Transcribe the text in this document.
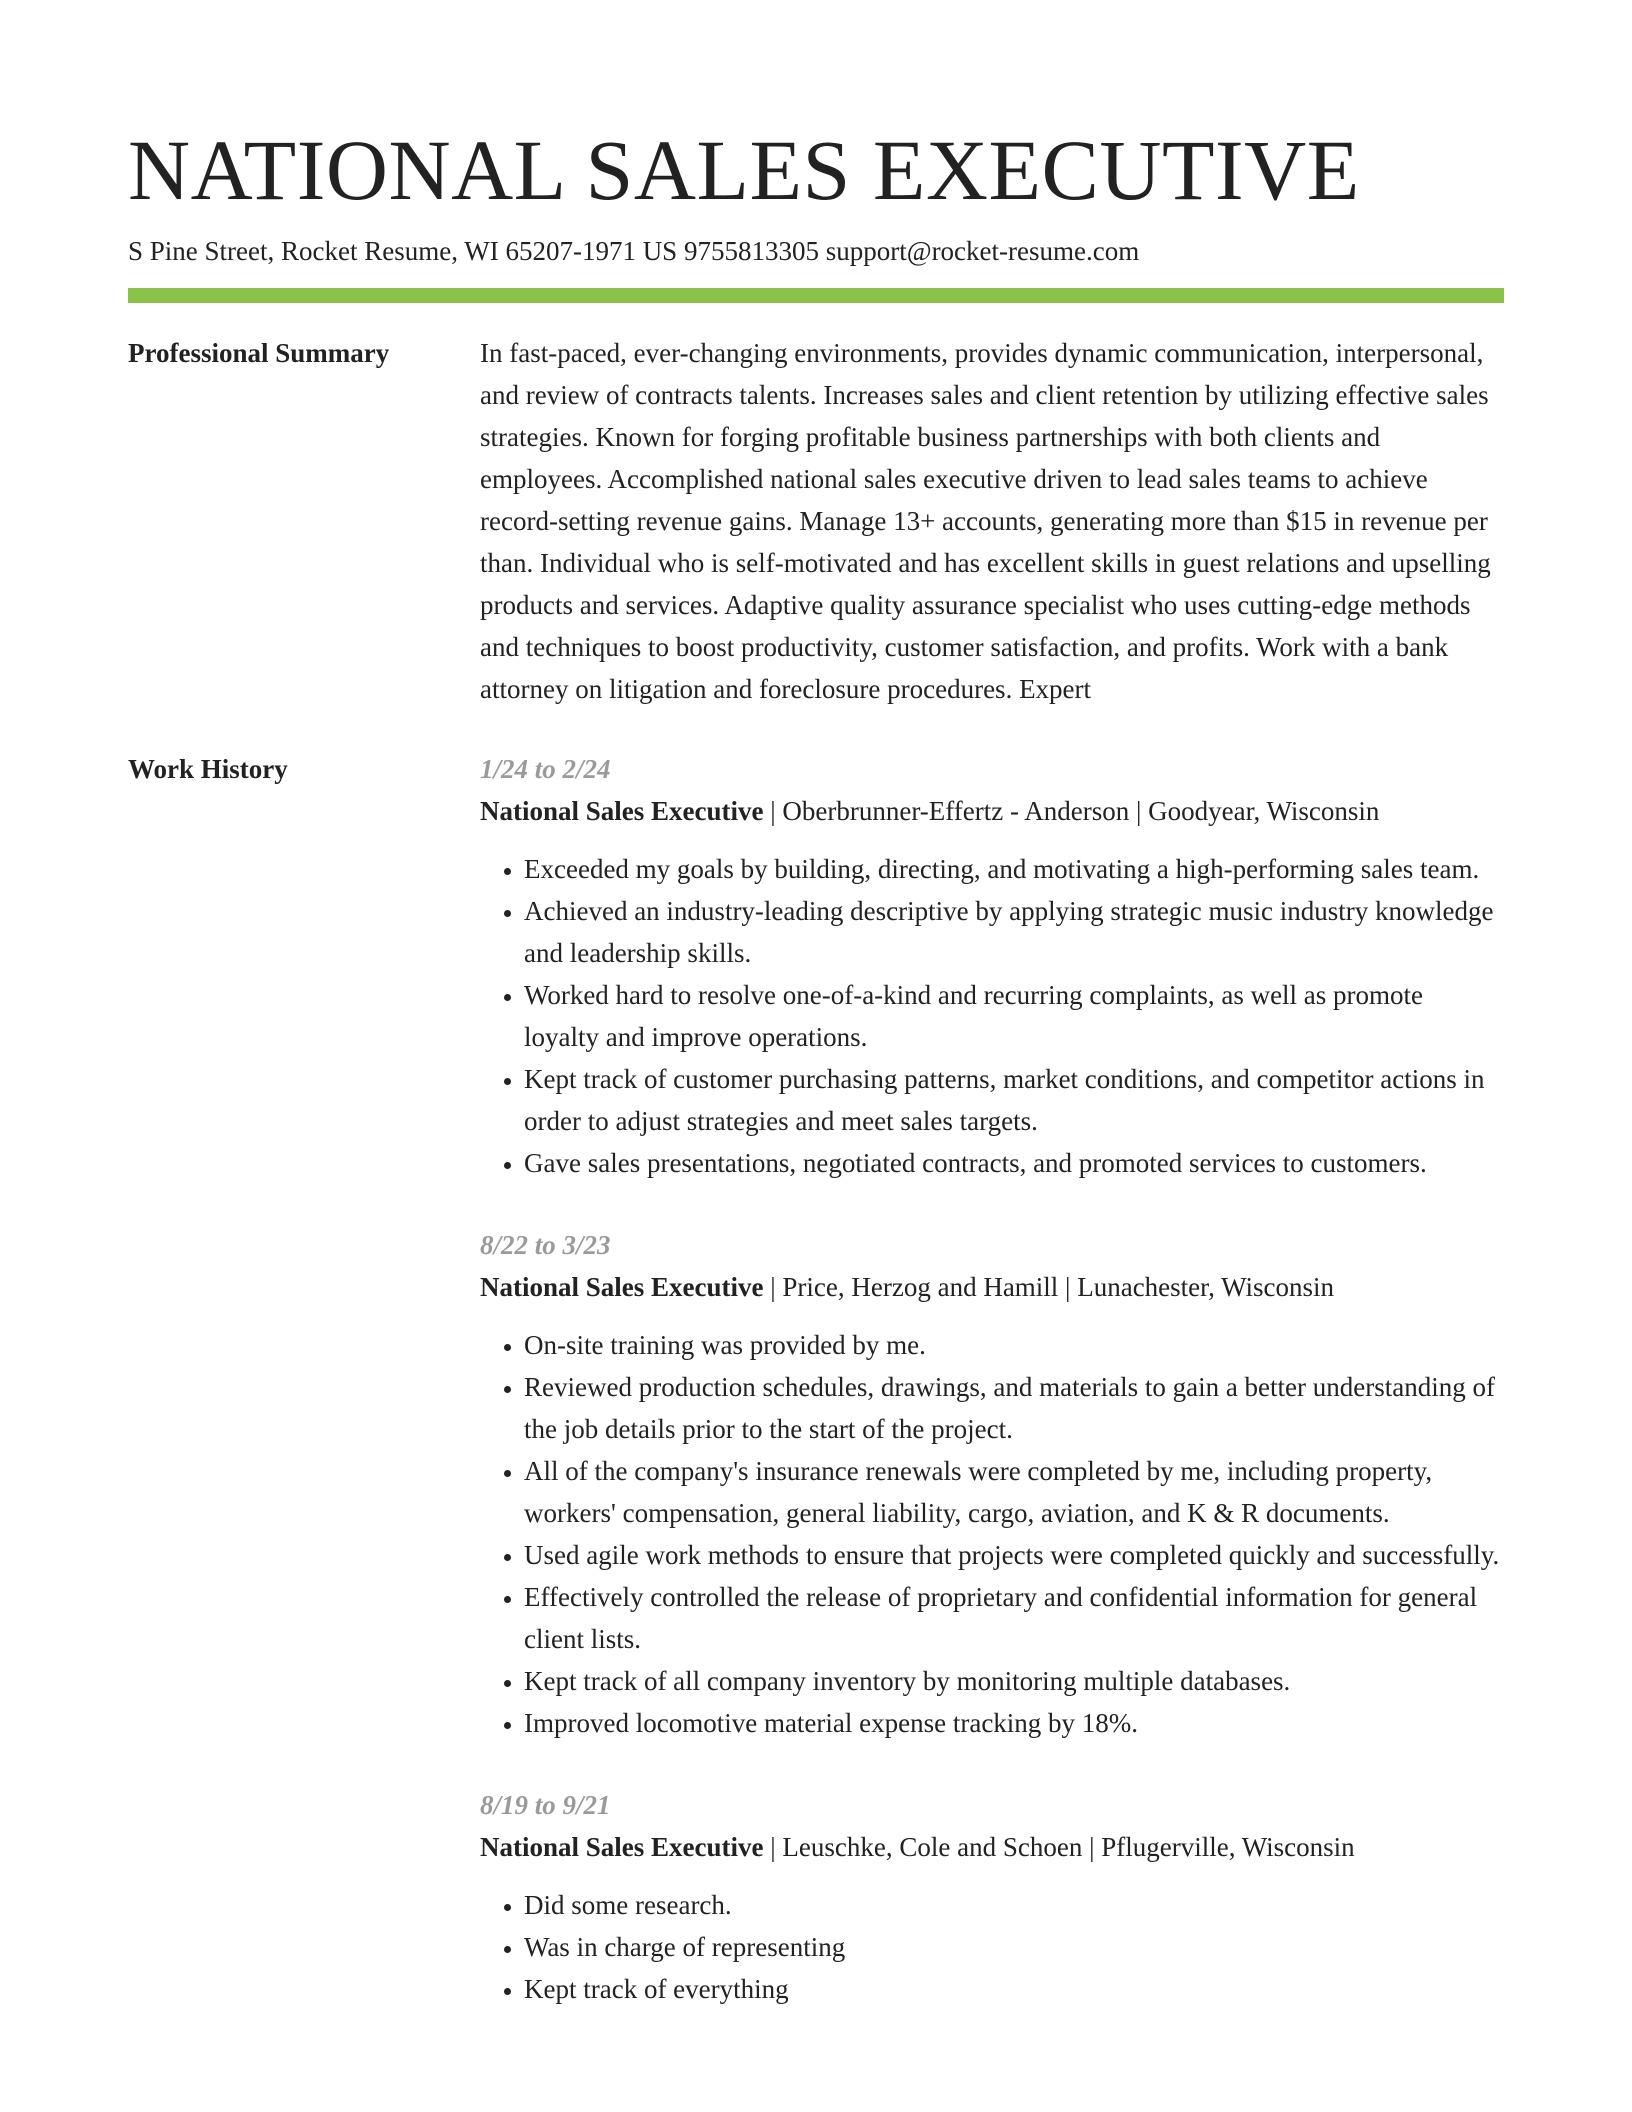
NATIONAL SALES EXECUTIVE
S Pine Street, Rocket Resume, WI 65207-1971 US 9755813305 support@rocket-resume.com
Professional Summary	In fast-paced, ever-changing environments, provides dynamic communication, interpersonal, and review of contracts talents. Increases sales and client retention by utilizing effective sales strategies. Known for forging profitable business partnerships with both clients and employees. Accomplished national sales executive driven to lead sales teams to achieve record-setting revenue gains. Manage 13+ accounts, generating more than $15 in revenue per than. Individual who is self-motivated and has excellent skills in guest relations and upselling products and services. Adaptive quality assurance specialist who uses cutting-edge methods and techniques to boost productivity, customer satisfaction, and profits. Work with a bank attorney on litigation and foreclosure procedures. Expert

Work History	1/24 to 2/24
National Sales Executive | Oberbrunner-Effertz - Anderson | Goodyear, Wisconsin
• Exceeded my goals by building, directing, and motivating a high-performing sales team.
• Achieved an industry-leading descriptive by applying strategic music industry knowledge and leadership skills.
• Worked hard to resolve one-of-a-kind and recurring complaints, as well as promote loyalty and improve operations.
• Kept track of customer purchasing patterns, market conditions, and competitor actions in order to adjust strategies and meet sales targets.
• Gave sales presentations, negotiated contracts, and promoted services to customers.
8/22 to 3/23
National Sales Executive | Price, Herzog and Hamill | Lunachester, Wisconsin
• On-site training was provided by me.
• Reviewed production schedules, drawings, and materials to gain a better understanding of the job details prior to the start of the project.
• All of the company's insurance renewals were completed by me, including property, workers' compensation, general liability, cargo, aviation, and K & R documents.
• Used agile work methods to ensure that projects were completed quickly and successfully.
• Effectively controlled the release of proprietary and confidential information for general client lists.
• Kept track of all company inventory by monitoring multiple databases.
• Improved locomotive material expense tracking by 18%.
8/19 to 9/21
National Sales Executive | Leuschke, Cole and Schoen | Pflugerville, Wisconsin
• Did some research.
• Was in charge of representing
• Kept track of everything
